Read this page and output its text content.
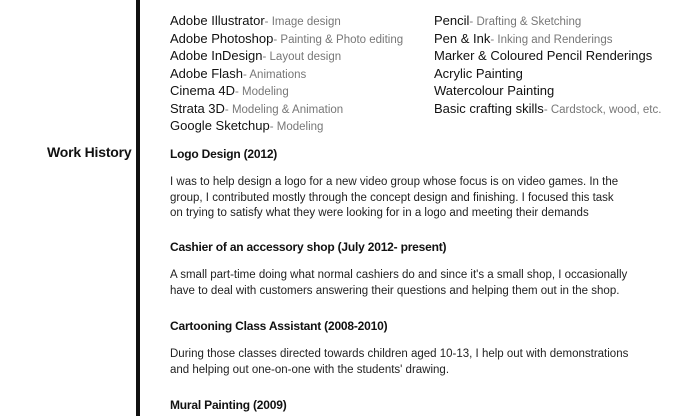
Adobe Illustrator- Image design
Adobe Photoshop- Painting & Photo editing
Adobe InDesign- Layout design
Adobe Flash- Animations
Cinema 4D- Modeling
Strata 3D- Modeling & Animation
Google Sketchup- Modeling
Pencil- Drafting & Sketching
Pen & Ink- Inking and Renderings
Marker & Coloured Pencil Renderings
Acrylic Painting
Watercolour Painting
Basic crafting skills- Cardstock, wood, etc.
Work History	Logo Design (2012)
I was to help design a logo for a new video group whose focus is on video games. In the
group, I contributed mostly through the concept design and finishing. I focused this task
on trying to satisfy what they were looking for in a logo and meeting their demands
Cashier of an accessory shop (July 2012- present)
A small part-time doing what normal cashiers do and since it's a small shop, I occasionally
have to deal with customers answering their questions and helping them out in the shop.
Cartooning Class Assistant (2008-2010)
During those classes directed towards children aged 10-13, I help out with demonstrations
and helping out one-on-one with the students' drawing.
Mural Painting (2009)
